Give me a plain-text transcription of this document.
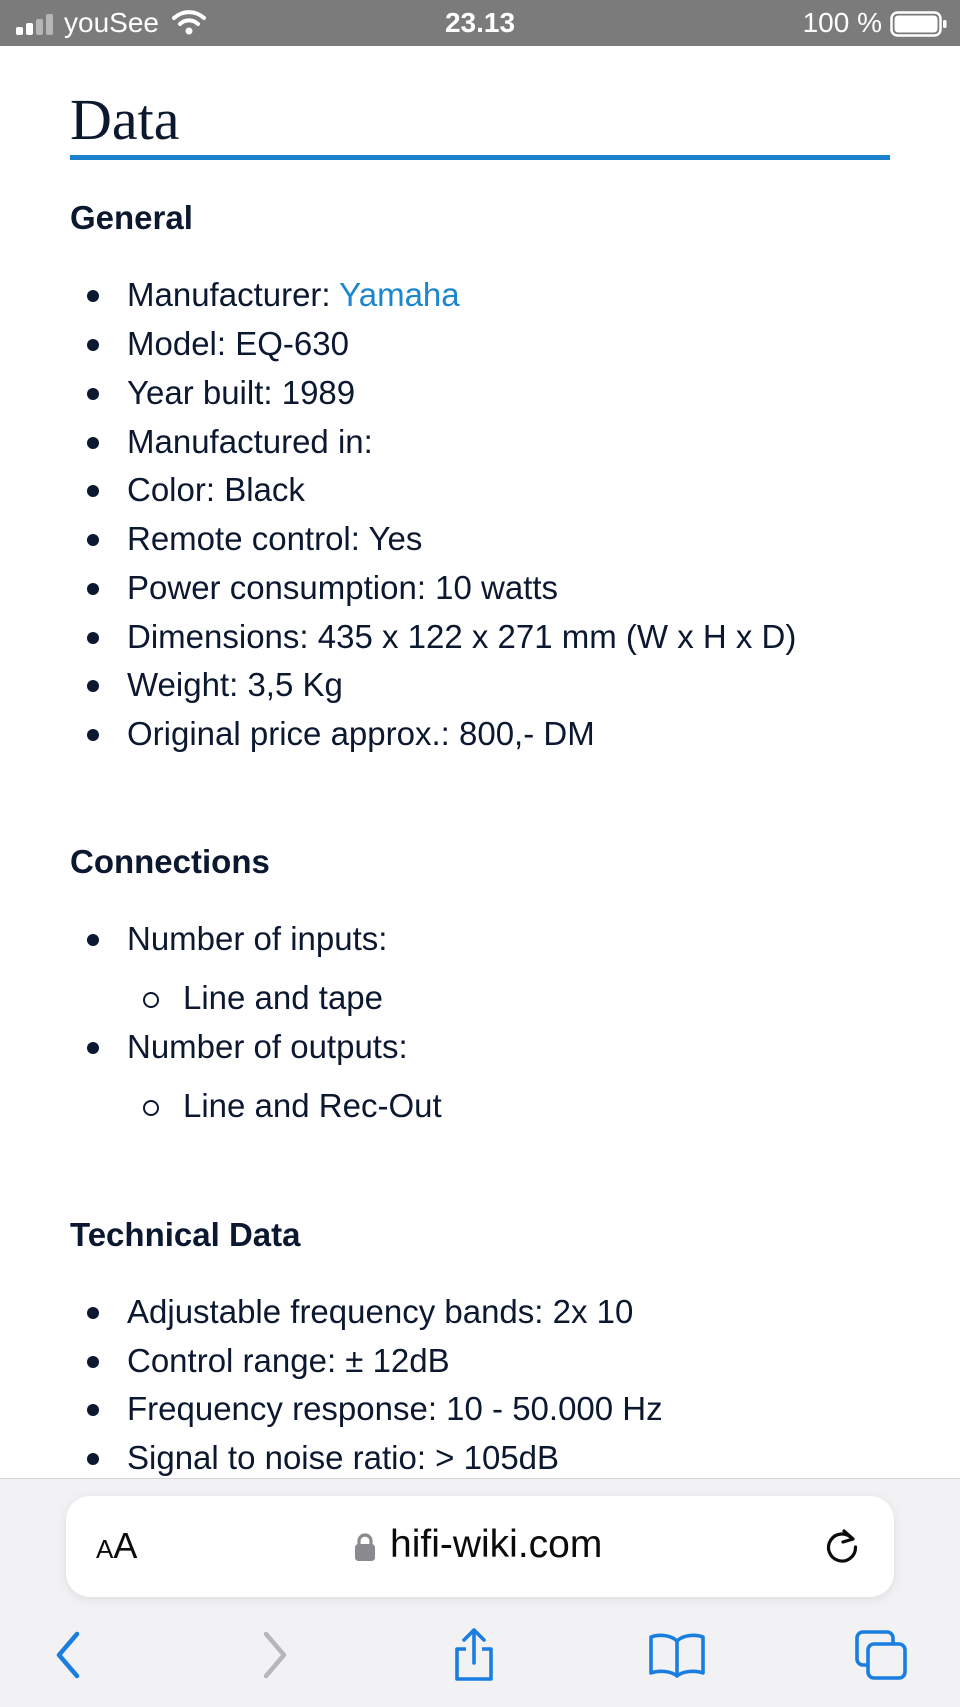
youSee	23.13	100 %
Data
General
Manufacturer: Yamaha
Model: EQ-630
Year built: 1989
Manufactured in:
Color: Black
Remote control: Yes
Power consumption: 10 watts
Dimensions: 435 x 122 x 271 mm (W x H x D)
Weight: 3,5 Kg
Original price approx.: 800,- DM
Connections
Number of inputs:
Line and tape
Number of outputs:
Line and Rec-Out
Technical Data
Adjustable frequency bands: 2x 10
Control range: ± 12dB
Frequency response: 10 - 50.000 Hz
Signal to noise ratio: > 105dB
AA	hifi-wiki.com
